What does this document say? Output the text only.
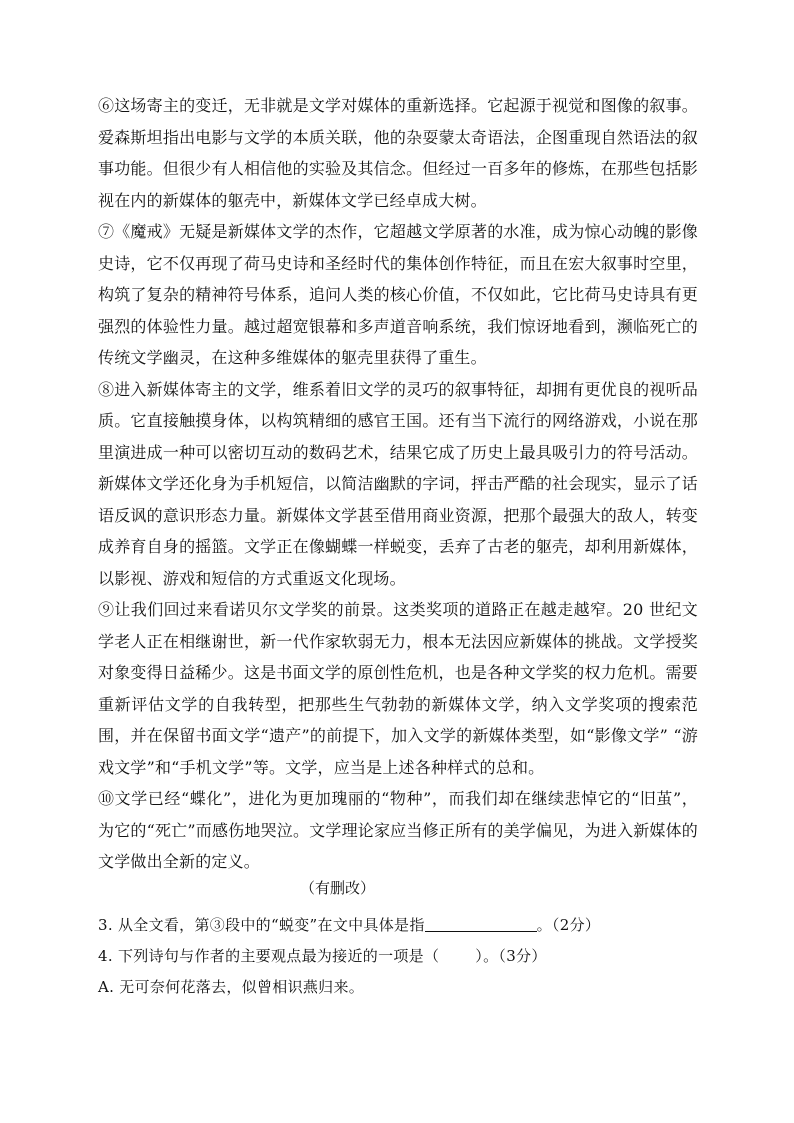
⑥这场寄主的变迁，无非就是文学对媒体的重新选择。它起源于视觉和图像的叙事。爱森斯坦指出电影与文学的本质关联，他的杂耍蒙太奇语法，企图重现自然语法的叙事功能。但很少有人相信他的实验及其信念。但经过一百多年的修炼，在那些包括影视在内的新媒体的躯壳中，新媒体文学已经卓成大树。

⑦《魔戒》无疑是新媒体文学的杰作，它超越文学原著的水准，成为惊心动魄的影像史诗，它不仅再现了荷马史诗和圣经时代的集体创作特征，而且在宏大叙事时空里，构筑了复杂的精神符号体系，追问人类的核心价值，不仅如此，它比荷马史诗具有更强烈的体验性力量。越过超宽银幕和多声道音响系统，我们惊讶地看到，濒临死亡的传统文学幽灵，在这种多维媒体的躯壳里获得了重生。

⑧进入新媒体寄主的文学，维系着旧文学的灵巧的叙事特征，却拥有更优良的视听品质。它直接触摸身体，以构筑精细的感官王国。还有当下流行的网络游戏，小说在那里演进成一种可以密切互动的数码艺术，结果它成了历史上最具吸引力的符号活动。新媒体文学还化身为手机短信，以简洁幽默的字词，抨击严酷的社会现实，显示了话语反讽的意识形态力量。新媒体文学甚至借用商业资源，把那个最强大的敌人，转变成养育自身的摇篮。文学正在像蝴蝶一样蜕变，丢弃了古老的躯壳，却利用新媒体，以影视、游戏和短信的方式重返文化现场。

⑨让我们回过来看诺贝尔文学奖的前景。这类奖项的道路正在越走越窄。20 世纪文学老人正在相继谢世，新一代作家软弱无力，根本无法因应新媒体的挑战。文学授奖对象变得日益稀少。这是书面文学的原创性危机，也是各种文学奖的权力危机。需要重新评估文学的自我转型，把那些生气勃勃的新媒体文学，纳入文学奖项的搜索范围，并在保留书面文学“遗产”的前提下，加入文学的新媒体类型，如“影像文学” “游戏文学”和“手机文学”等。文学，应当是上述各种样式的总和。

⑩文学已经“蝶化”，进化为更加瑰丽的“物种”，而我们却在继续悲悼它的“旧茧”，为它的“死亡”而感伤地哭泣。文学理论家应当修正所有的美学偏见，为进入新媒体的文学做出全新的定义。

（有删改）

3. 从全文看，第③段中的“蜕变”在文中具体是指	。（2分）

4. 下列诗句与作者的主要观点最为接近的一项是（ ）。（3分）

A. 无可奈何花落去，似曾相识燕归来。
